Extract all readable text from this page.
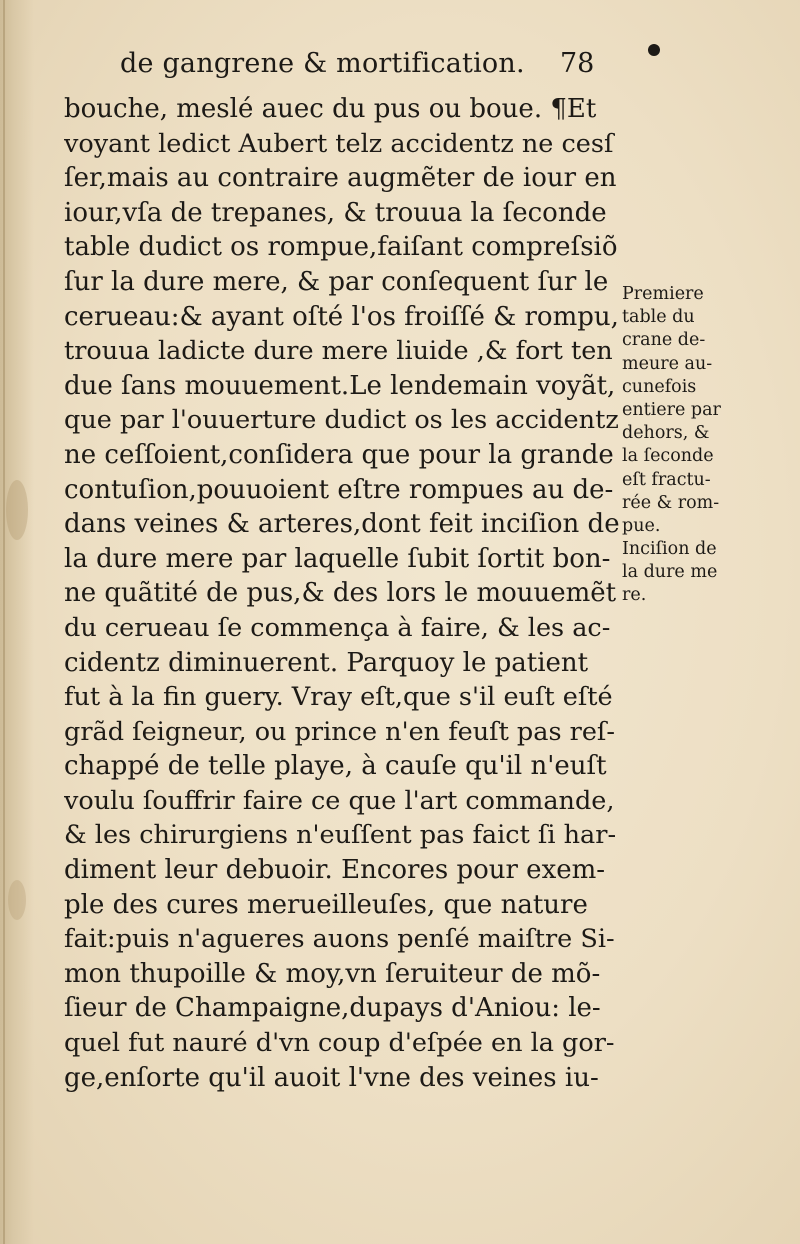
de gangrene & mortification. 78
bouche, meslé auec du pus ou boue. ¶Et
voyant ledict Aubert telz accidentz ne cesſ
ſer,mais au contraire augmẽter de iour en
iour,vſa de trepanes, & trouua la ſeconde
table dudict os rompue,faiſant compreſsiõ
ſur la dure mere, & par conſequent ſur le
cerueau:& ayant oſté l'os froiſſé & rompu,
trouua ladicte dure mere liuide ,& fort ten
due ſans mouuement.Le lendemain voyãt,
que par l'ouuerture dudict os les accidentz
ne ceſſoient,conſidera que pour la grande
contuſion,pouuoient eſtre rompues au de-
dans veines & arteres,dont feit inciſion de
la dure mere par laquelle ſubit ſortit bon-
ne quãtité de pus,& des lors le mouuemẽt
du cerueau ſe commença à faire, & les ac-
cidentz diminuerent. Parquoy le patient
fut à la fin guery. Vray eſt,que s'il euſt eſté
grãd ſeigneur, ou prince n'en feuſt pas reſ-
chappé de telle playe, à cauſe qu'il n'euſt
voulu ſouffrir faire ce que l'art commande,
& les chirurgiens n'euſſent pas faict ſi har-
diment leur debuoir. Encores pour exem-
ple des cures merueilleuſes, que nature
fait:puis n'agueres auons penſé maiſtre Si-
mon thupoille & moy,vn ſeruiteur de mõ-
ſieur de Champaigne,dupays d'Aniou: le-
quel fut nauré d'vn coup d'eſpée en la gor-
ge,enſorte qu'il auoit l'vne des veines iu-
Premiere
table du
crane de-
meure au-
cunefois
entiere par
dehors, &
la ſeconde
eſt fractu-
rée & rom-
pue.
Inciſion de
la dure me
re.
